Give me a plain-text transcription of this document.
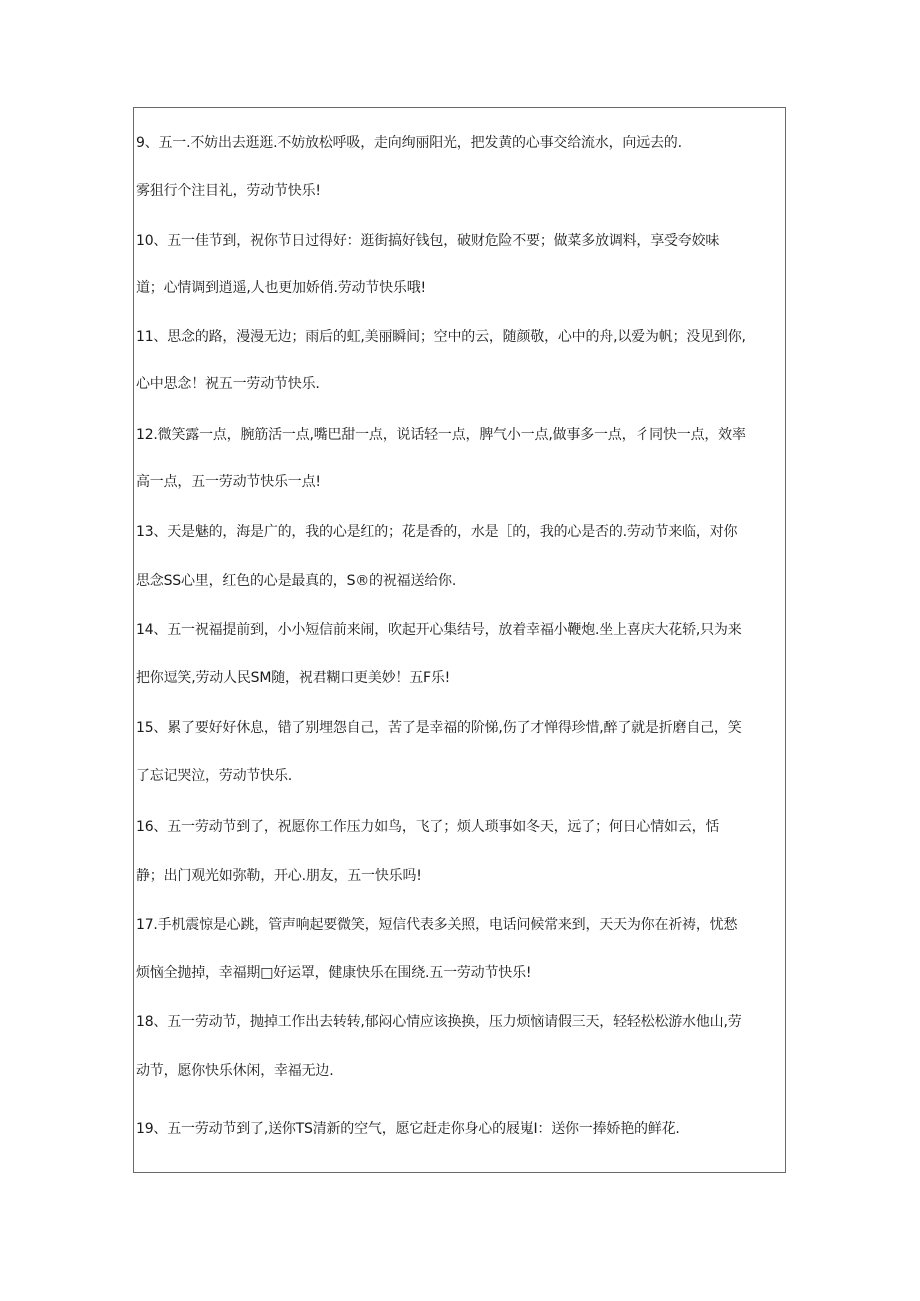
9、五一.不妨出去逛逛.不妨放松呼吸，走向绚丽阳光，把发黄的心事交给流水，向远去的.
雾狙行个注目礼，劳动节快乐!
10、五一佳节到，祝你节日过得好：逛街搞好钱包，破财危险不要；做菜多放调料，享受夸姣味
道；心情调到逍遥,人也更加娇俏.劳动节快乐哦!
11、思念的路，漫漫无边；雨后的虹,美丽瞬间；空中的云，随颜敬，心中的舟,以爱为帆；没见到你,
心中思念！祝五一劳动节快乐.
12.微笑露一点，腕筋活一点,嘴巴甜一点，说话轻一点，脾气小一点,做事多一点，彳同快一点，效率
高一点，五一劳动节快乐一点!
13、天是魅的，海是广的，我的心是红的；花是香的，水是［的，我的心是否的.劳动节来临，对你
思念SS心里，红色的心是最真的，S®的祝福送给你.
14、五一祝福提前到，小小短信前来闹，吹起开心集结号，放着幸福小鞭炮.坐上喜庆大花轿,只为来
把你逗笑,劳动人民SM随，祝君糊口更美妙！五F乐!
15、累了要好好休息，错了别埋怨自己，苦了是幸福的阶悌,伤了才惮得珍惜,醉了就是折磨自己，笑
了忘记哭泣，劳动节快乐.
16、五一劳动节到了，祝愿你工作压力如鸟，飞了；烦人琐事如冬天，远了；何日心情如云，恬
静；出门观光如弥勒，开心.朋友，五一快乐吗!
17.手机震惊是心跳，管声响起要微笑，短信代表多关照，电话问候常来到，天天为你在祈祷，忧愁
烦恼全抛掉，幸福期□好运罩，健康快乐在围绕.五一劳动节快乐!
18、五一劳动节，抛掉工作出去转转,郁闷心情应该换换，压力烦恼请假三天，轻轻松松游水他山,劳
动节，愿你快乐休闲，幸福无边.
19、五一劳动节到了,送你TS清新的空气，愿它赶走你身心的屐嵬I：送你一捧娇艳的鲜花.
